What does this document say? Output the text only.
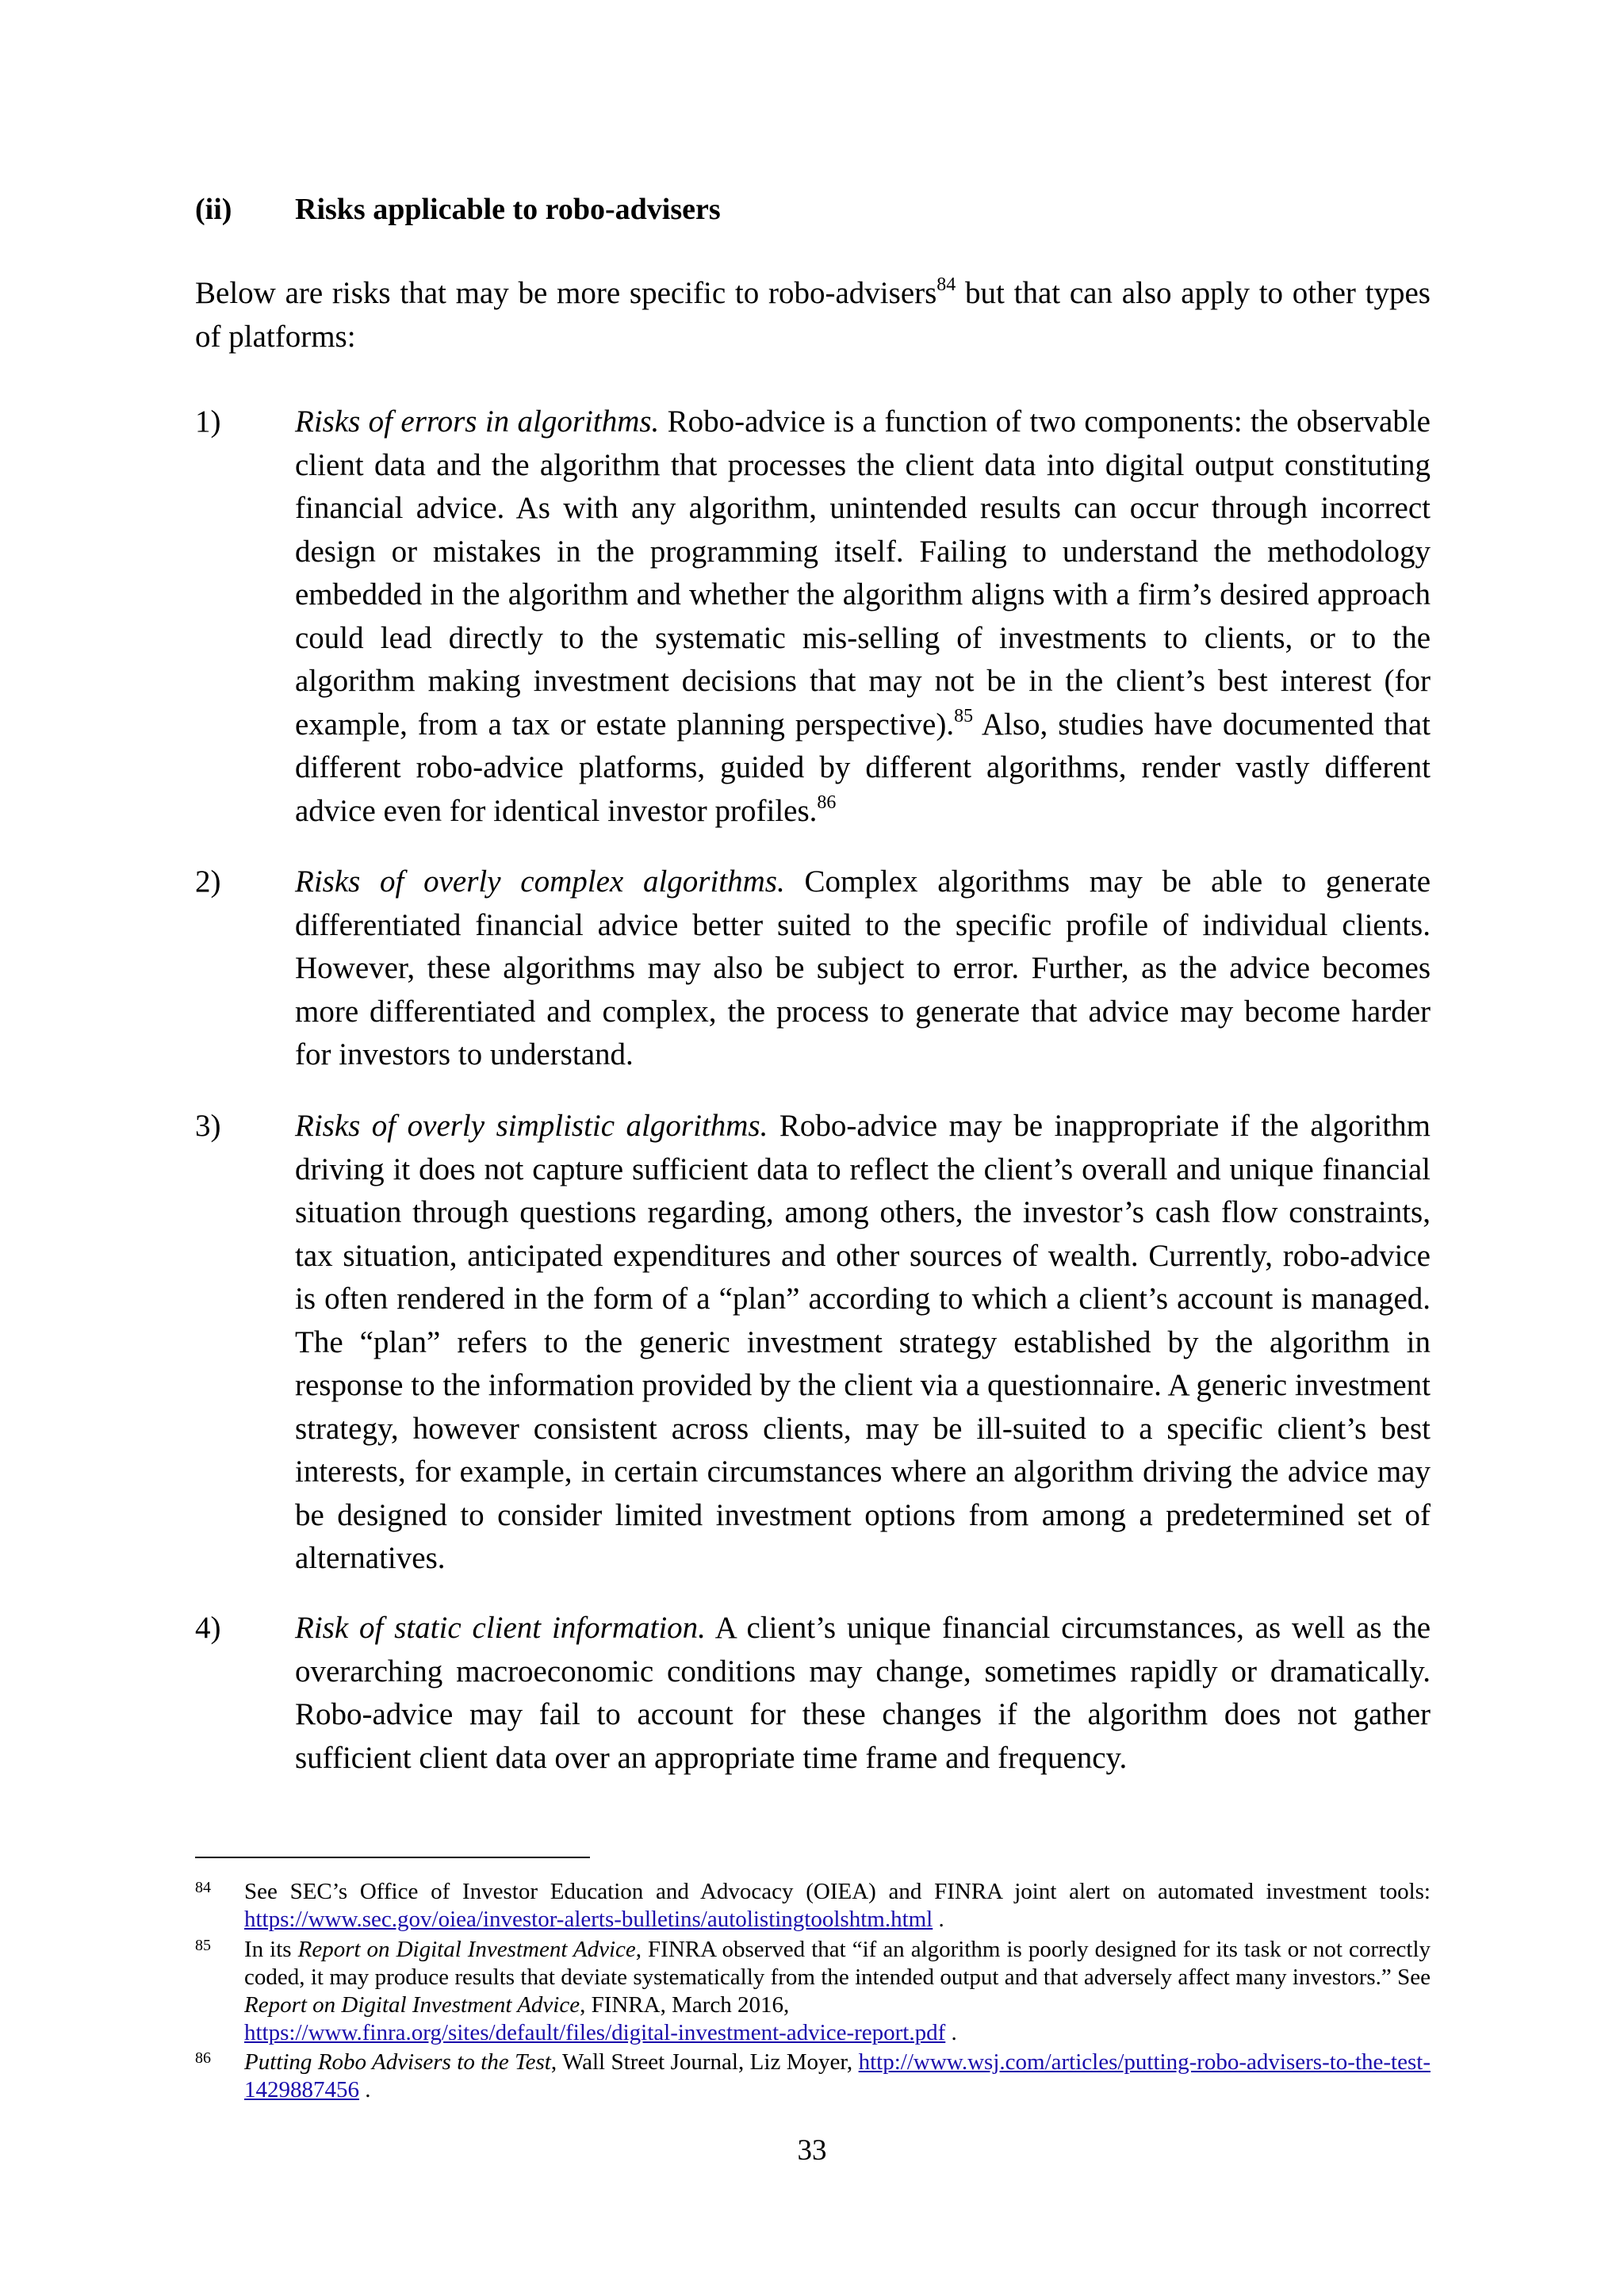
(ii) Risks applicable to robo-advisers

Below are risks that may be more specific to robo-advisers$^{84}$ but that can also apply to other types of platforms:

1) Risks of errors in algorithms. Robo-advice is a function of two components: the observable client data and the algorithm that processes the client data into digital output constituting financial advice. As with any algorithm, unintended results can occur through incorrect design or mistakes in the programming itself. Failing to understand the methodology embedded in the algorithm and whether the algorithm aligns with a firm’s desired approach could lead directly to the systematic mis-selling of investments to clients, or to the algorithm making investment decisions that may not be in the client’s best interest (for example, from a tax or estate planning perspective).$^{85}$ Also, studies have documented that different robo-advice platforms, guided by different algorithms, render vastly different advice even for identical investor profiles.$^{86}$

2) Risks of overly complex algorithms. Complex algorithms may be able to generate differentiated financial advice better suited to the specific profile of individual clients. However, these algorithms may also be subject to error. Further, as the advice becomes more differentiated and complex, the process to generate that advice may become harder for investors to understand.

3) Risks of overly simplistic algorithms. Robo-advice may be inappropriate if the algorithm driving it does not capture sufficient data to reflect the client’s overall and unique financial situation through questions regarding, among others, the investor’s cash flow constraints, tax situation, anticipated expenditures and other sources of wealth. Currently, robo-advice is often rendered in the form of a “plan” according to which a client’s account is managed. The “plan” refers to the generic investment strategy established by the algorithm in response to the information provided by the client via a questionnaire. A generic investment strategy, however consistent across clients, may be ill-suited to a specific client’s best interests, for example, in certain circumstances where an algorithm driving the advice may be designed to consider limited investment options from among a predetermined set of alternatives.

4) Risk of static client information. A client’s unique financial circumstances, as well as the overarching macroeconomic conditions may change, sometimes rapidly or dramatically. Robo-advice may fail to account for these changes if the algorithm does not gather sufficient client data over an appropriate time frame and frequency.

84 See SEC’s Office of Investor Education and Advocacy (OIEA) and FINRA joint alert on automated investment tools: https://www.sec.gov/oiea/investor-alerts-bulletins/autolistingtoolshtm.html .

85 In its Report on Digital Investment Advice, FINRA observed that “if an algorithm is poorly designed for its task or not correctly coded, it may produce results that deviate systematically from the intended output and that adversely affect many investors.” See Report on Digital Investment Advice, FINRA, March 2016,
https://www.finra.org/sites/default/files/digital-investment-advice-report.pdf .

86 Putting Robo Advisers to the Test, Wall Street Journal, Liz Moyer, http://www.wsj.com/articles/putting-robo-advisers-to-the-test-1429887456 .

33
